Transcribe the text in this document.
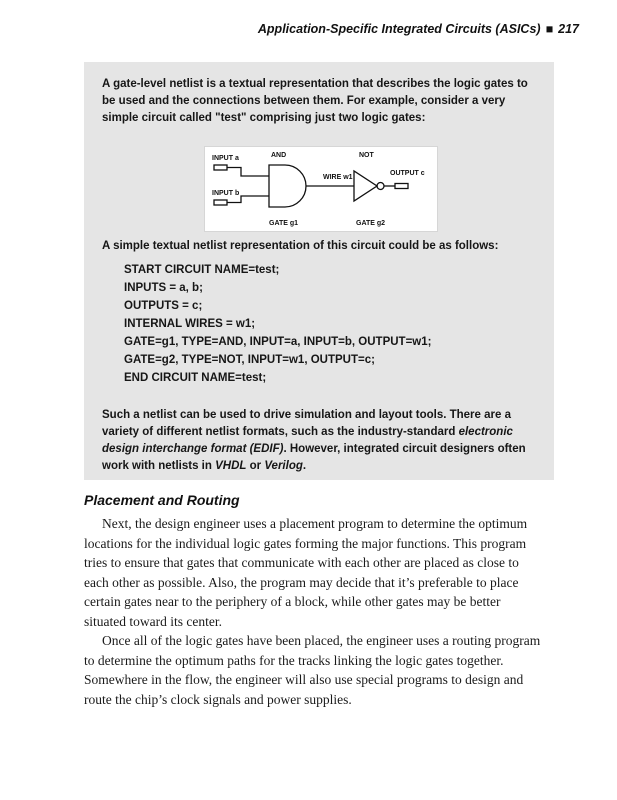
Application-Specific Integrated Circuits (ASICs) ■ 217

A gate-level netlist is a textual representation that describes the logic gates to be used and the connections between them. For example, consider a very simple circuit called "test" comprising just two logic gates:

INPUT a	AND	NOT
WIRE w1
OUTPUT c
INPUT b
GATE g1	GATE g2

A simple textual netlist representation of this circuit could be as follows:

START CIRCUIT NAME=test;
INPUTS = a, b;
OUTPUTS = c;
INTERNAL WIRES = w1;
GATE=g1, TYPE=AND, INPUT=a, INPUT=b, OUTPUT=w1;
GATE=g2, TYPE=NOT, INPUT=w1, OUTPUT=c;
END CIRCUIT NAME=test;

Such a netlist can be used to drive simulation and layout tools. There are a variety of different netlist formats, such as the industry-standard electronic design interchange format (EDIF). However, integrated circuit designers often work with netlists in VHDL or Verilog.

Placement and Routing

Next, the design engineer uses a placement program to determine the optimum locations for the individual logic gates forming the major functions. This program tries to ensure that gates that communicate with each other are placed as close to each other as possible. Also, the program may decide that it’s preferable to place certain gates near to the periphery of a block, while other gates may be better situated toward its center.

Once all of the logic gates have been placed, the engineer uses a routing program to determine the optimum paths for the tracks linking the logic gates together. Somewhere in the flow, the engineer will also use special programs to design and route the chip’s clock signals and power supplies.
